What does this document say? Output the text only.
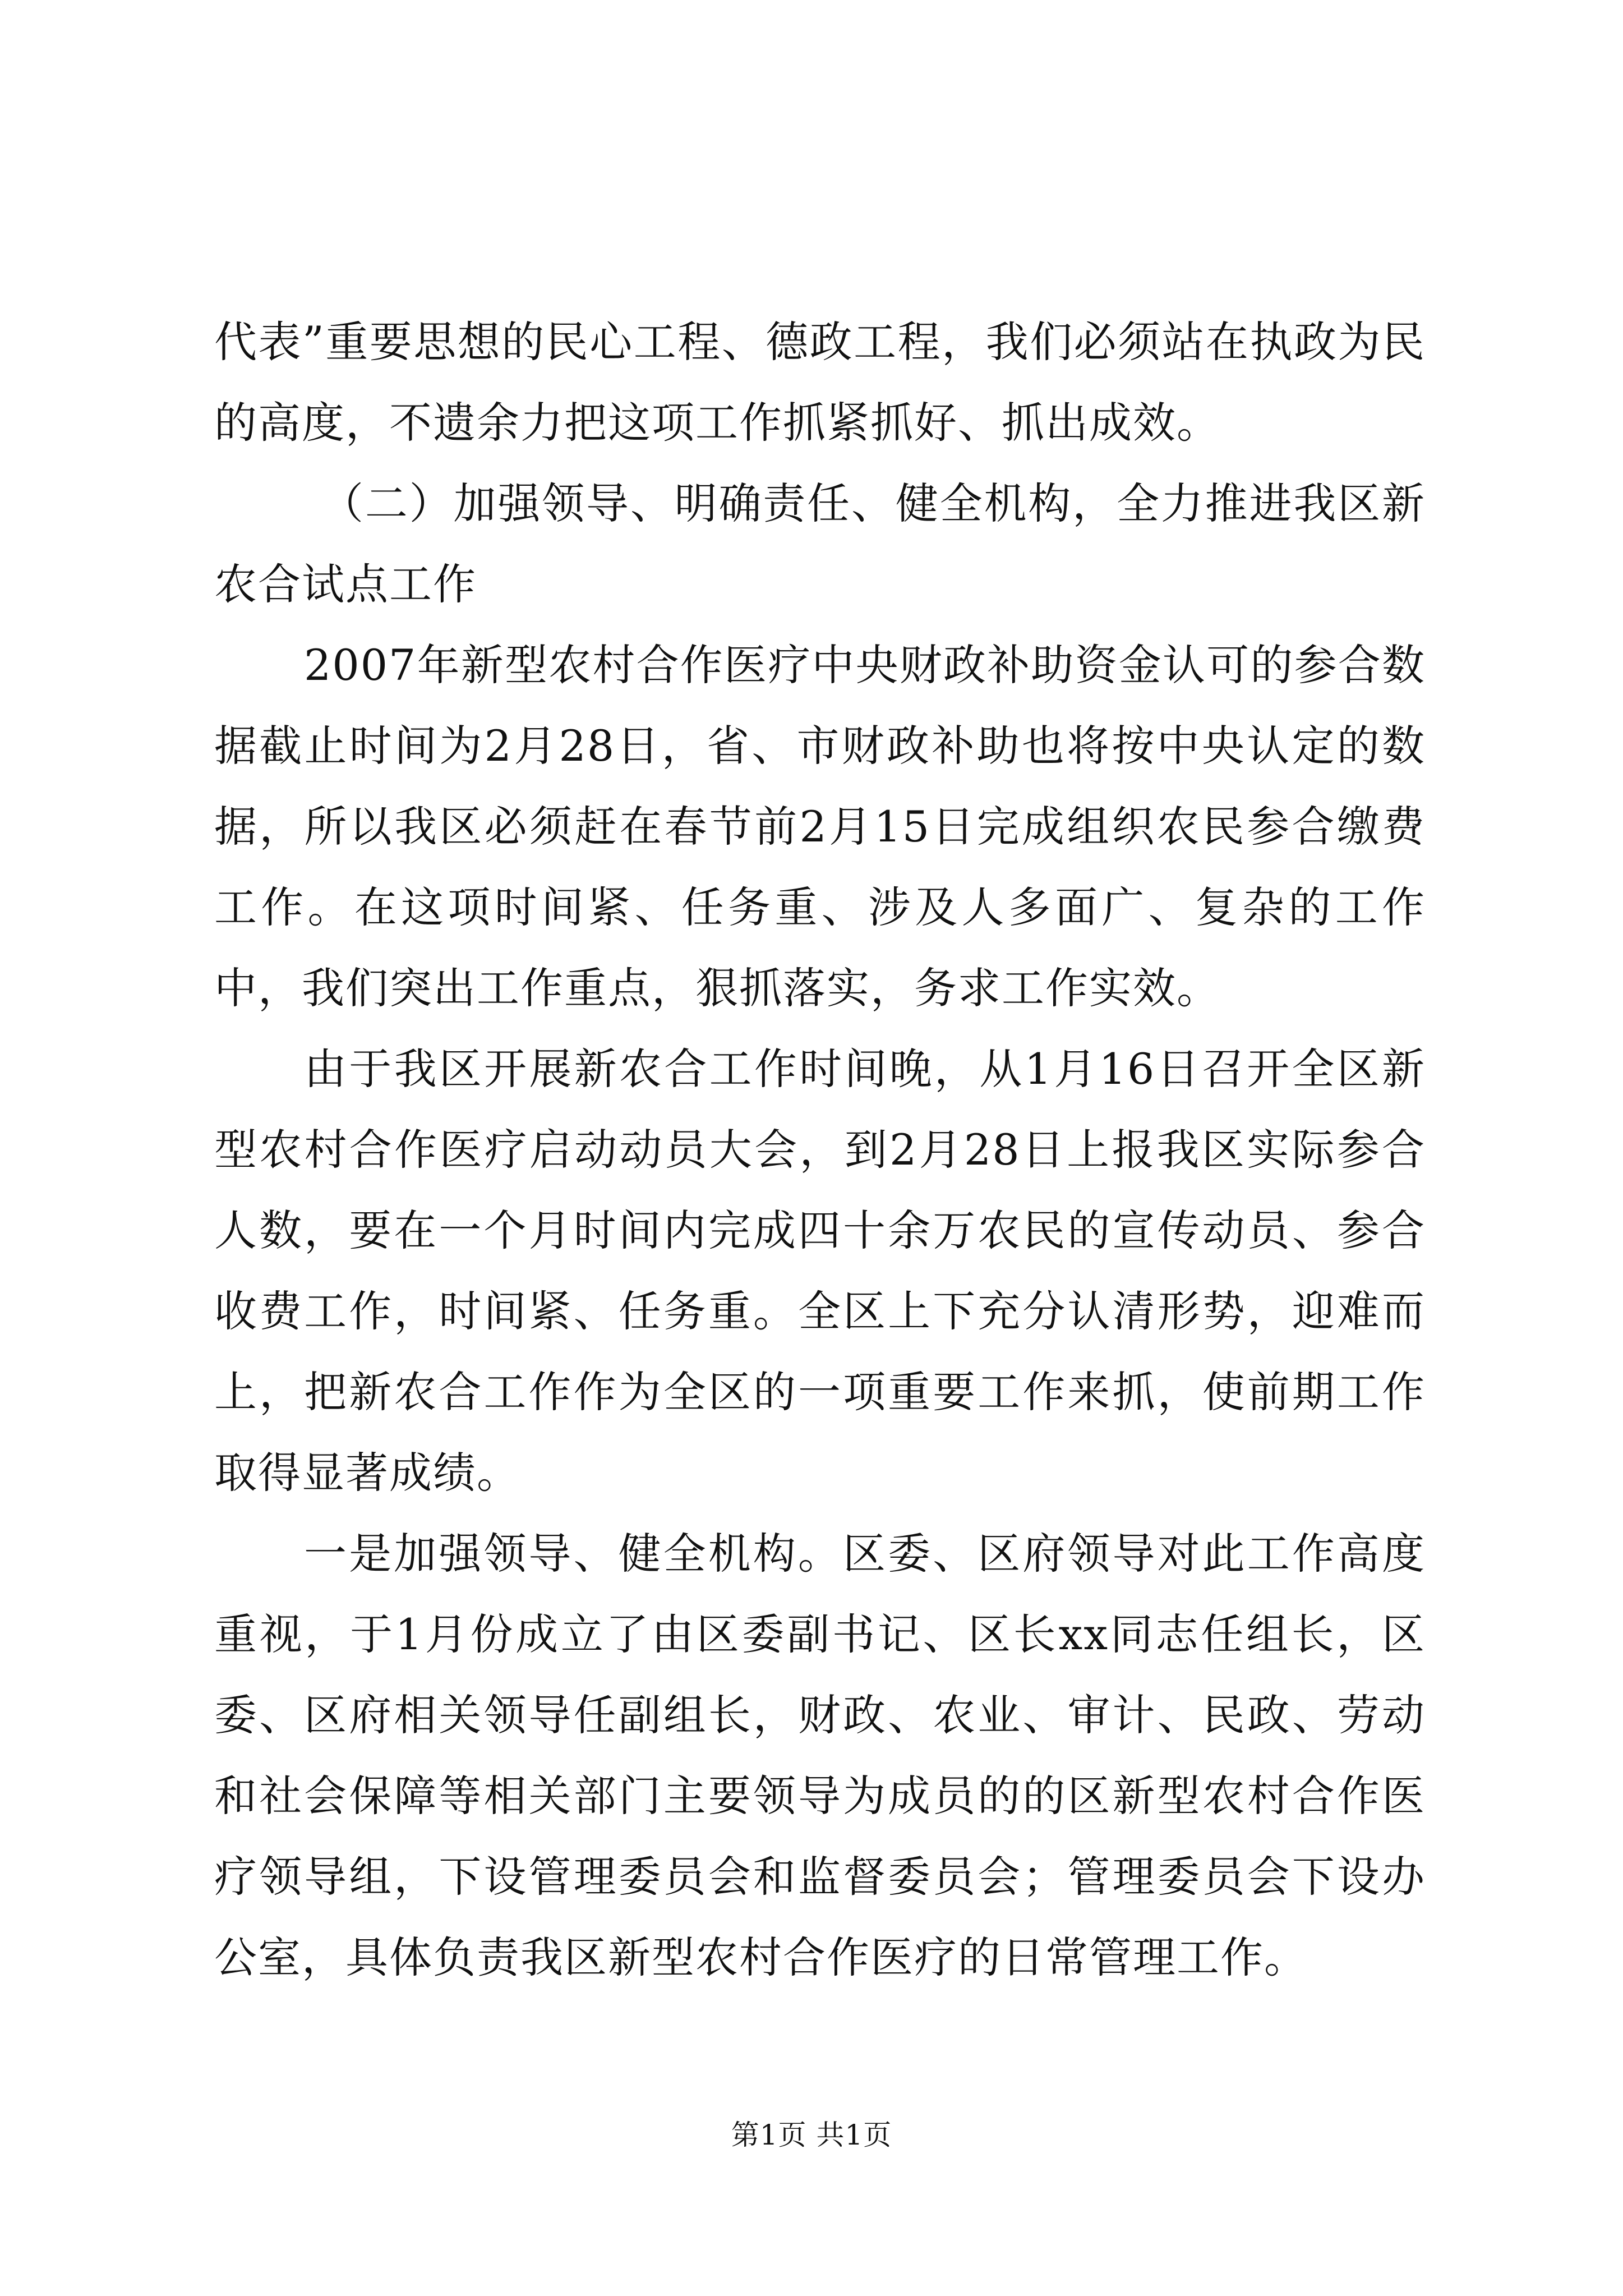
代表”重要思想的民心工程、德政工程，我们必须站在执政为民的高度，不遗余力把这项工作抓紧抓好、抓出成效。

（二）加强领导、明确责任、健全机构，全力推进我区新农合试点工作

2007年新型农村合作医疗中央财政补助资金认可的参合数据截止时间为2月28日，省、市财政补助也将按中央认定的数据，所以我区必须赶在春节前2月15日完成组织农民参合缴费工作。在这项时间紧、任务重、涉及人多面广、复杂的工作中，我们突出工作重点，狠抓落实，务求工作实效。

由于我区开展新农合工作时间晚，从1月16日召开全区新型农村合作医疗启动动员大会，到2月28日上报我区实际参合人数，要在一个月时间内完成四十余万农民的宣传动员、参合收费工作，时间紧、任务重。全区上下充分认清形势，迎难而上，把新农合工作作为全区的一项重要工作来抓，使前期工作取得显著成绩。

一是加强领导、健全机构。区委、区府领导对此工作高度重视，于1月份成立了由区委副书记、区长xx同志任组长，区委、区府相关领导任副组长，财政、农业、审计、民政、劳动和社会保障等相关部门主要领导为成员的的区新型农村合作医疗领导组，下设管理委员会和监督委员会；管理委员会下设办公室，具体负责我区新型农村合作医疗的日常管理工作。

第1页 共1页
